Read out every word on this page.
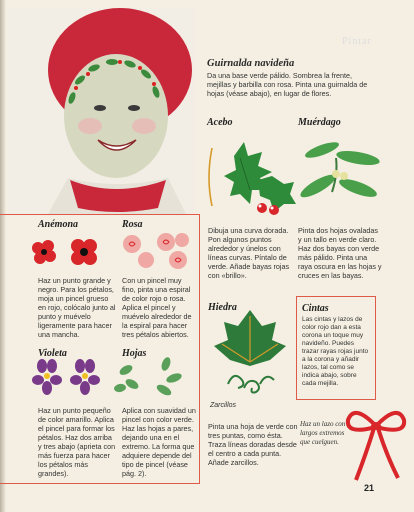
Pintar
Guirnalda navideña
Da una base verde pálido. Sombrea la frente, mejillas y barbilla con rosa. Pinta una guirnalda de hojas (véase abajo), en lugar de flores.
Acebo	Muérdago
Dibuja una curva dorada. Pon algunos puntos alrededor y únelos con líneas curvas. Píntalo de verde. Añade bayas rojas con «brillo».
Pinta dos hojas ovaladas y un tallo en verde claro. Haz dos bayas con verde más pálido. Pinta una raya oscura en las hojas y cruces en las bayas.
Anémona	Rosa
Haz un punto grande y negro. Para los pétalos, moja un pincel grueso en rojo, colócalo junto al punto y muévelo ligeramente para hacer una mancha.
Con un pincel muy fino, pinta una espiral de color rojo o rosa. Aplica el pincel y muévelo alrededor de la espiral para hacer tres pétalos abiertos.
Violeta	Hojas
Haz un punto pequeño de color amarillo. Aplica el pincel para formar los pétalos. Haz dos arriba y tres abajo (aprieta con más fuerza para hacer los pétalos más grandes).
Aplica con suavidad un pincel con color verde. Haz las hojas a pares, dejando una en el extremo. La forma que adquiere depende del tipo de pincel (véase pág. 2).
Hiedra
Zarcillos
Pinta una hoja de verde con tres puntas, como ésta. Traza líneas doradas desde el centro a cada punta. Añade zarcillos.
Cintas
Las cintas y lazos de color rojo dan a esta corona un toque muy navideño. Puedes trazar rayas rojas junto a la corona y añadir lazos, tal como se indica abajo, sobre cada mejilla.
Haz un lazo con largos extremos que cuelguen.
21
